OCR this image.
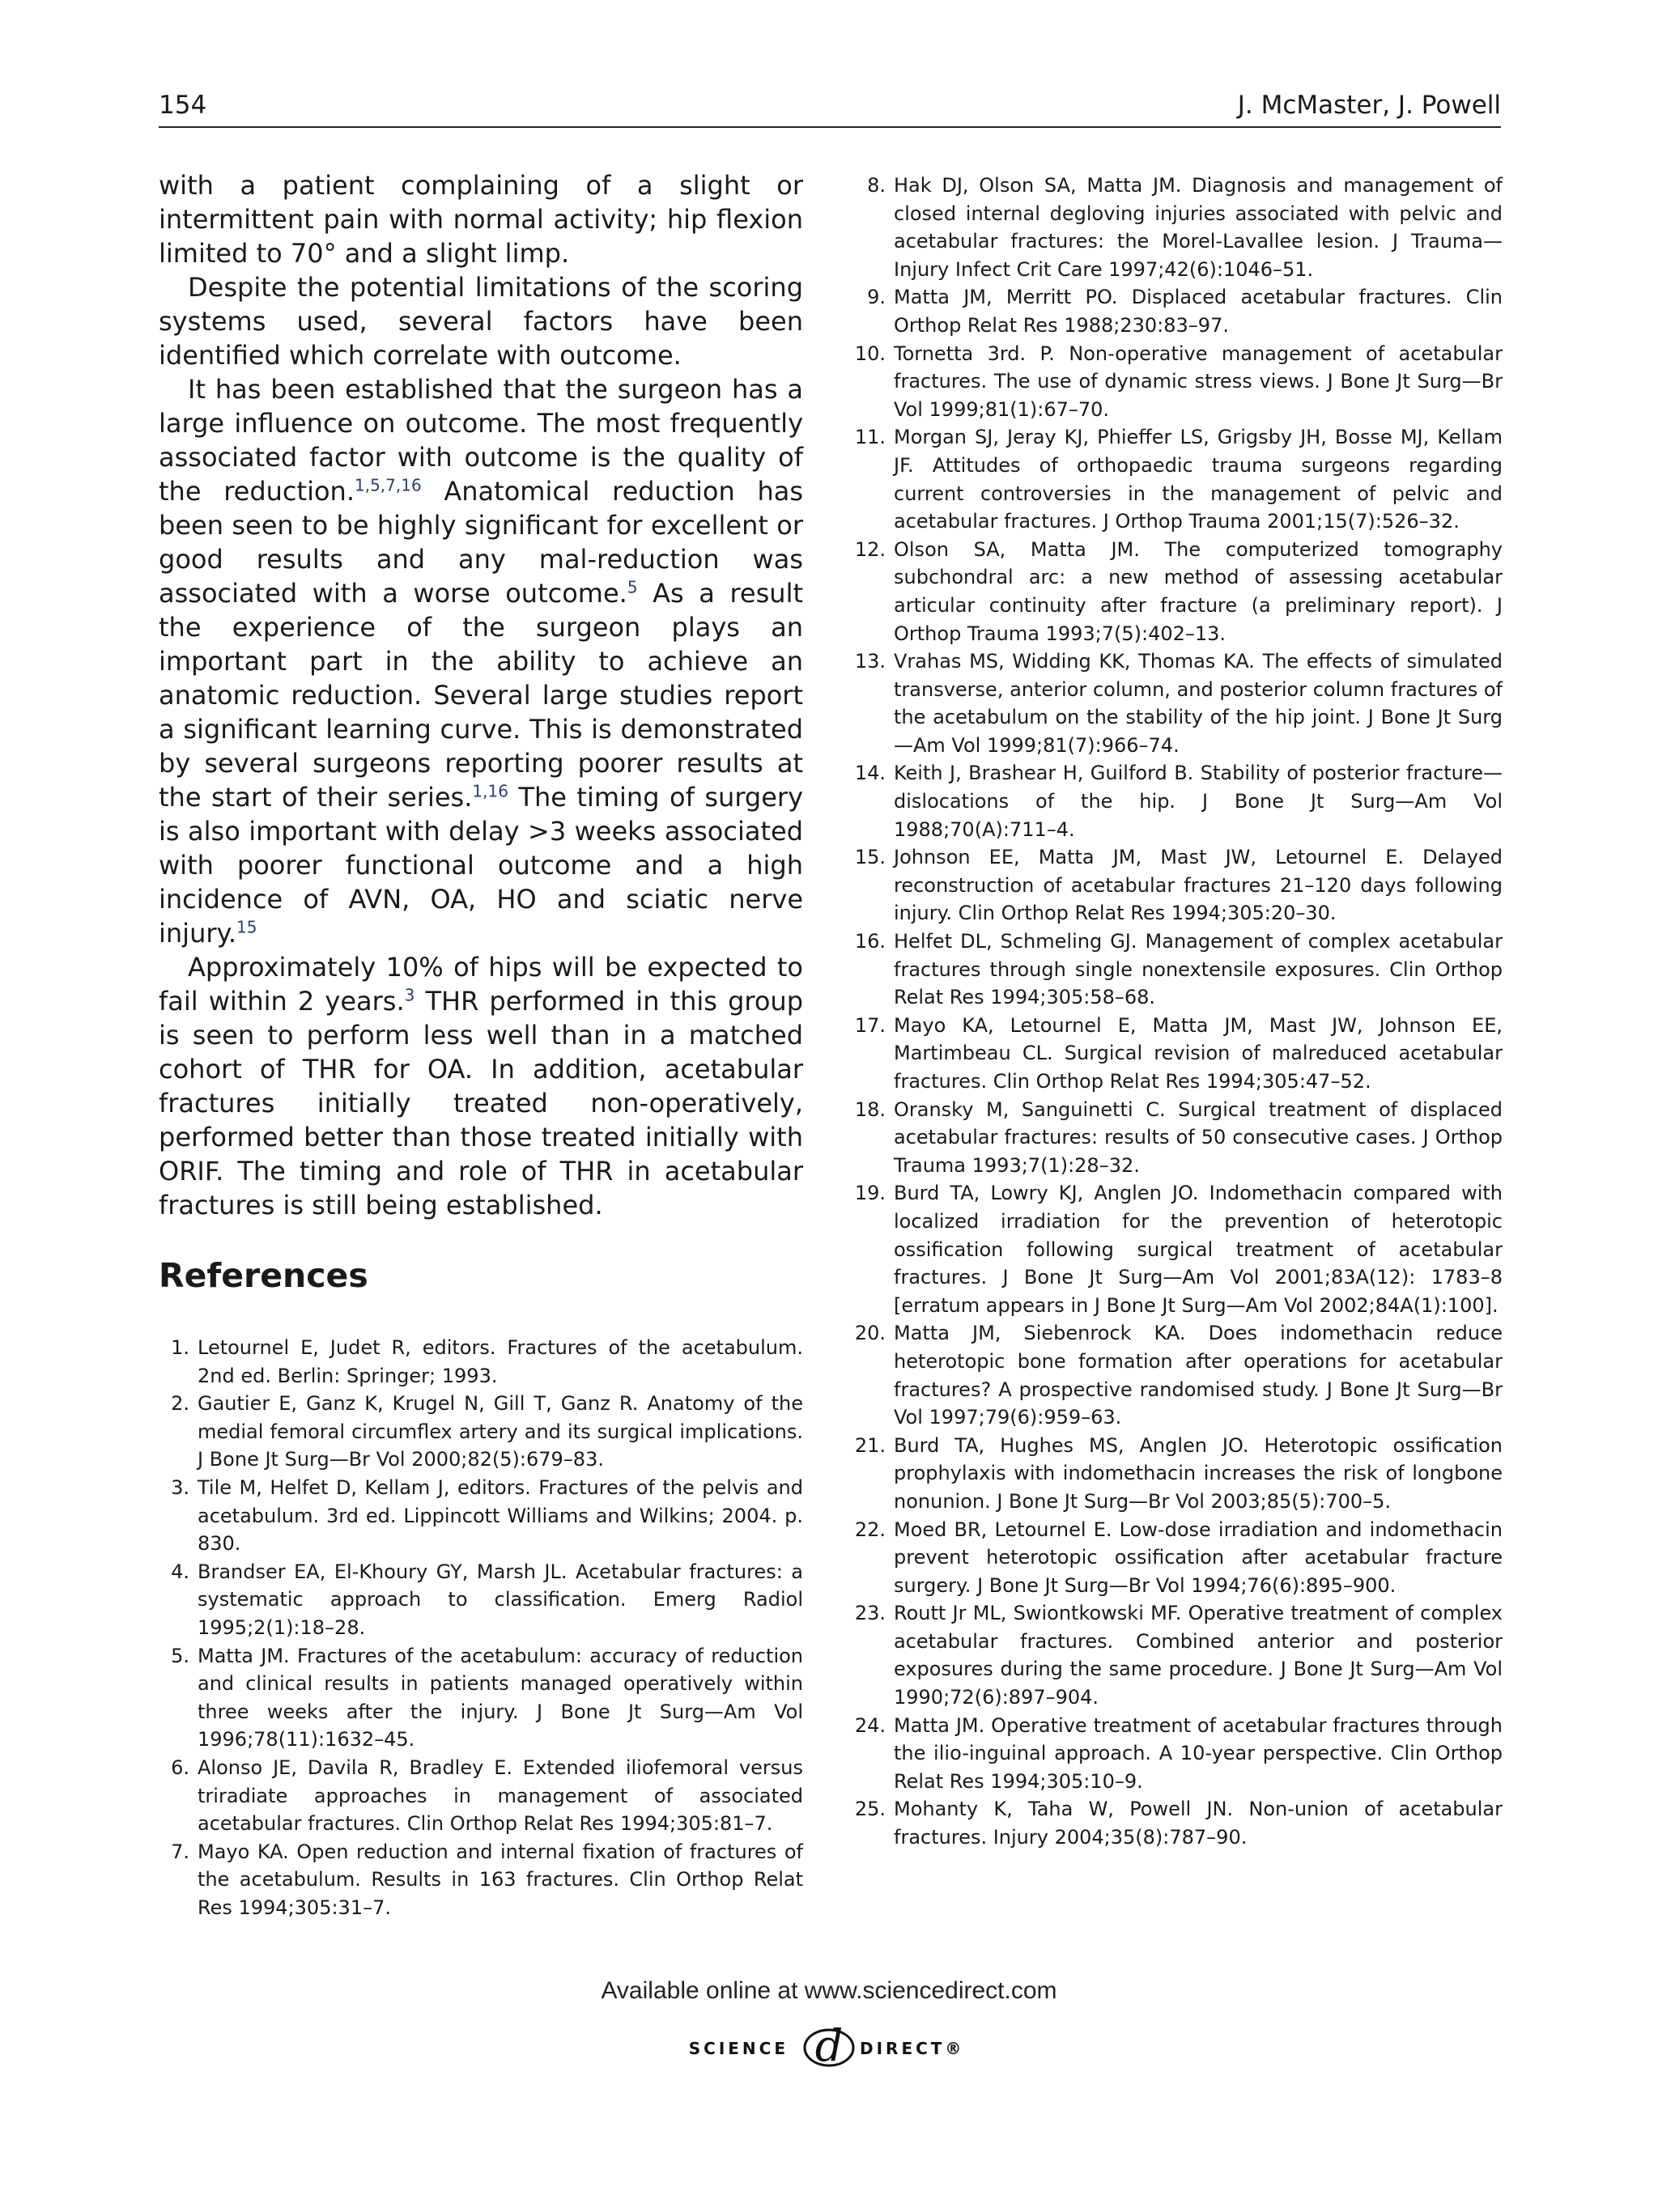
154	J. McMaster, J. Powell

with a patient complaining of a slight or intermittent pain with normal activity; hip flexion limited to 70° and a slight limp.

Despite the potential limitations of the scoring systems used, several factors have been identified which correlate with outcome.

It has been established that the surgeon has a large influence on outcome. The most frequently associated factor with outcome is the quality of the reduction.$^{1,5,7,16}$ Anatomical reduction has been seen to be highly significant for excellent or good results and any mal-reduction was associated with a worse outcome.$^5$ As a result the experience of the surgeon plays an important part in the ability to achieve an anatomic reduction. Several large studies report a significant learning curve. This is demonstrated by several surgeons reporting poorer results at the start of their series.$^{1,16}$ The timing of surgery is also important with delay >3 weeks associated with poorer functional outcome and a high incidence of AVN, OA, HO and sciatic nerve injury.$^{15}$

Approximately 10% of hips will be expected to fail within 2 years.$^3$ THR performed in this group is seen to perform less well than in a matched cohort of THR for OA. In addition, acetabular fractures initially treated non-operatively, performed better than those treated initially with ORIF. The timing and role of THR in acetabular fractures is still being established.

References
1. Letournel E, Judet R, editors. Fractures of the acetabulum. 2nd ed. Berlin: Springer; 1993.
2. Gautier E, Ganz K, Krugel N, Gill T, Ganz R. Anatomy of the medial femoral circumflex artery and its surgical implications. J Bone Jt Surg—Br Vol 2000;82(5):679–83.
3. Tile M, Helfet D, Kellam J, editors. Fractures of the pelvis and acetabulum. 3rd ed. Lippincott Williams and Wilkins; 2004. p. 830.
4. Brandser EA, El-Khoury GY, Marsh JL. Acetabular fractures: a systematic approach to classification. Emerg Radiol 1995;2(1):18–28.
5. Matta JM. Fractures of the acetabulum: accuracy of reduction and clinical results in patients managed operatively within three weeks after the injury. J Bone Jt Surg—Am Vol 1996;78(11):1632–45.
6. Alonso JE, Davila R, Bradley E. Extended iliofemoral versus triradiate approaches in management of associated acetabular fractures. Clin Orthop Relat Res 1994;305:81–7.
7. Mayo KA. Open reduction and internal fixation of fractures of the acetabulum. Results in 163 fractures. Clin Orthop Relat Res 1994;305:31–7.
8. Hak DJ, Olson SA, Matta JM. Diagnosis and management of closed internal degloving injuries associated with pelvic and acetabular fractures: the Morel-Lavallee lesion. J Trauma—Injury Infect Crit Care 1997;42(6):1046–51.
9. Matta JM, Merritt PO. Displaced acetabular fractures. Clin Orthop Relat Res 1988;230:83–97.
10. Tornetta 3rd. P. Non-operative management of acetabular fractures. The use of dynamic stress views. J Bone Jt Surg—Br Vol 1999;81(1):67–70.
11. Morgan SJ, Jeray KJ, Phieffer LS, Grigsby JH, Bosse MJ, Kellam JF. Attitudes of orthopaedic trauma surgeons regarding current controversies in the management of pelvic and acetabular fractures. J Orthop Trauma 2001;15(7):526–32.
12. Olson SA, Matta JM. The computerized tomography subchondral arc: a new method of assessing acetabular articular continuity after fracture (a preliminary report). J Orthop Trauma 1993;7(5):402–13.
13. Vrahas MS, Widding KK, Thomas KA. The effects of simulated transverse, anterior column, and posterior column fractures of the acetabulum on the stability of the hip joint. J Bone Jt Surg—Am Vol 1999;81(7):966–74.
14. Keith J, Brashear H, Guilford B. Stability of posterior fracture—dislocations of the hip. J Bone Jt Surg—Am Vol 1988;70(A):711–4.
15. Johnson EE, Matta JM, Mast JW, Letournel E. Delayed reconstruction of acetabular fractures 21–120 days following injury. Clin Orthop Relat Res 1994;305:20–30.
16. Helfet DL, Schmeling GJ. Management of complex acetabular fractures through single nonextensile exposures. Clin Orthop Relat Res 1994;305:58–68.
17. Mayo KA, Letournel E, Matta JM, Mast JW, Johnson EE, Martimbeau CL. Surgical revision of malreduced acetabular fractures. Clin Orthop Relat Res 1994;305:47–52.
18. Oransky M, Sanguinetti C. Surgical treatment of displaced acetabular fractures: results of 50 consecutive cases. J Orthop Trauma 1993;7(1):28–32.
19. Burd TA, Lowry KJ, Anglen JO. Indomethacin compared with localized irradiation for the prevention of heterotopic ossification following surgical treatment of acetabular fractures. J Bone Jt Surg—Am Vol 2001;83A(12): 1783–8 [erratum appears in J Bone Jt Surg—Am Vol 2002;84A(1):100].
20. Matta JM, Siebenrock KA. Does indomethacin reduce heterotopic bone formation after operations for acetabular fractures? A prospective randomised study. J Bone Jt Surg—Br Vol 1997;79(6):959–63.
21. Burd TA, Hughes MS, Anglen JO. Heterotopic ossification prophylaxis with indomethacin increases the risk of longbone nonunion. J Bone Jt Surg—Br Vol 2003;85(5):700–5.
22. Moed BR, Letournel E. Low-dose irradiation and indomethacin prevent heterotopic ossification after acetabular fracture surgery. J Bone Jt Surg—Br Vol 1994;76(6):895–900.
23. Routt Jr ML, Swiontkowski MF. Operative treatment of complex acetabular fractures. Combined anterior and posterior exposures during the same procedure. J Bone Jt Surg—Am Vol 1990;72(6):897–904.
24. Matta JM. Operative treatment of acetabular fractures through the ilio-inguinal approach. A 10-year perspective. Clin Orthop Relat Res 1994;305:10–9.
25. Mohanty K, Taha W, Powell JN. Non-union of acetabular fractures. Injury 2004;35(8):787–90.
Available online at www.sciencedirect.com
SCIENCE d DIRECT®
